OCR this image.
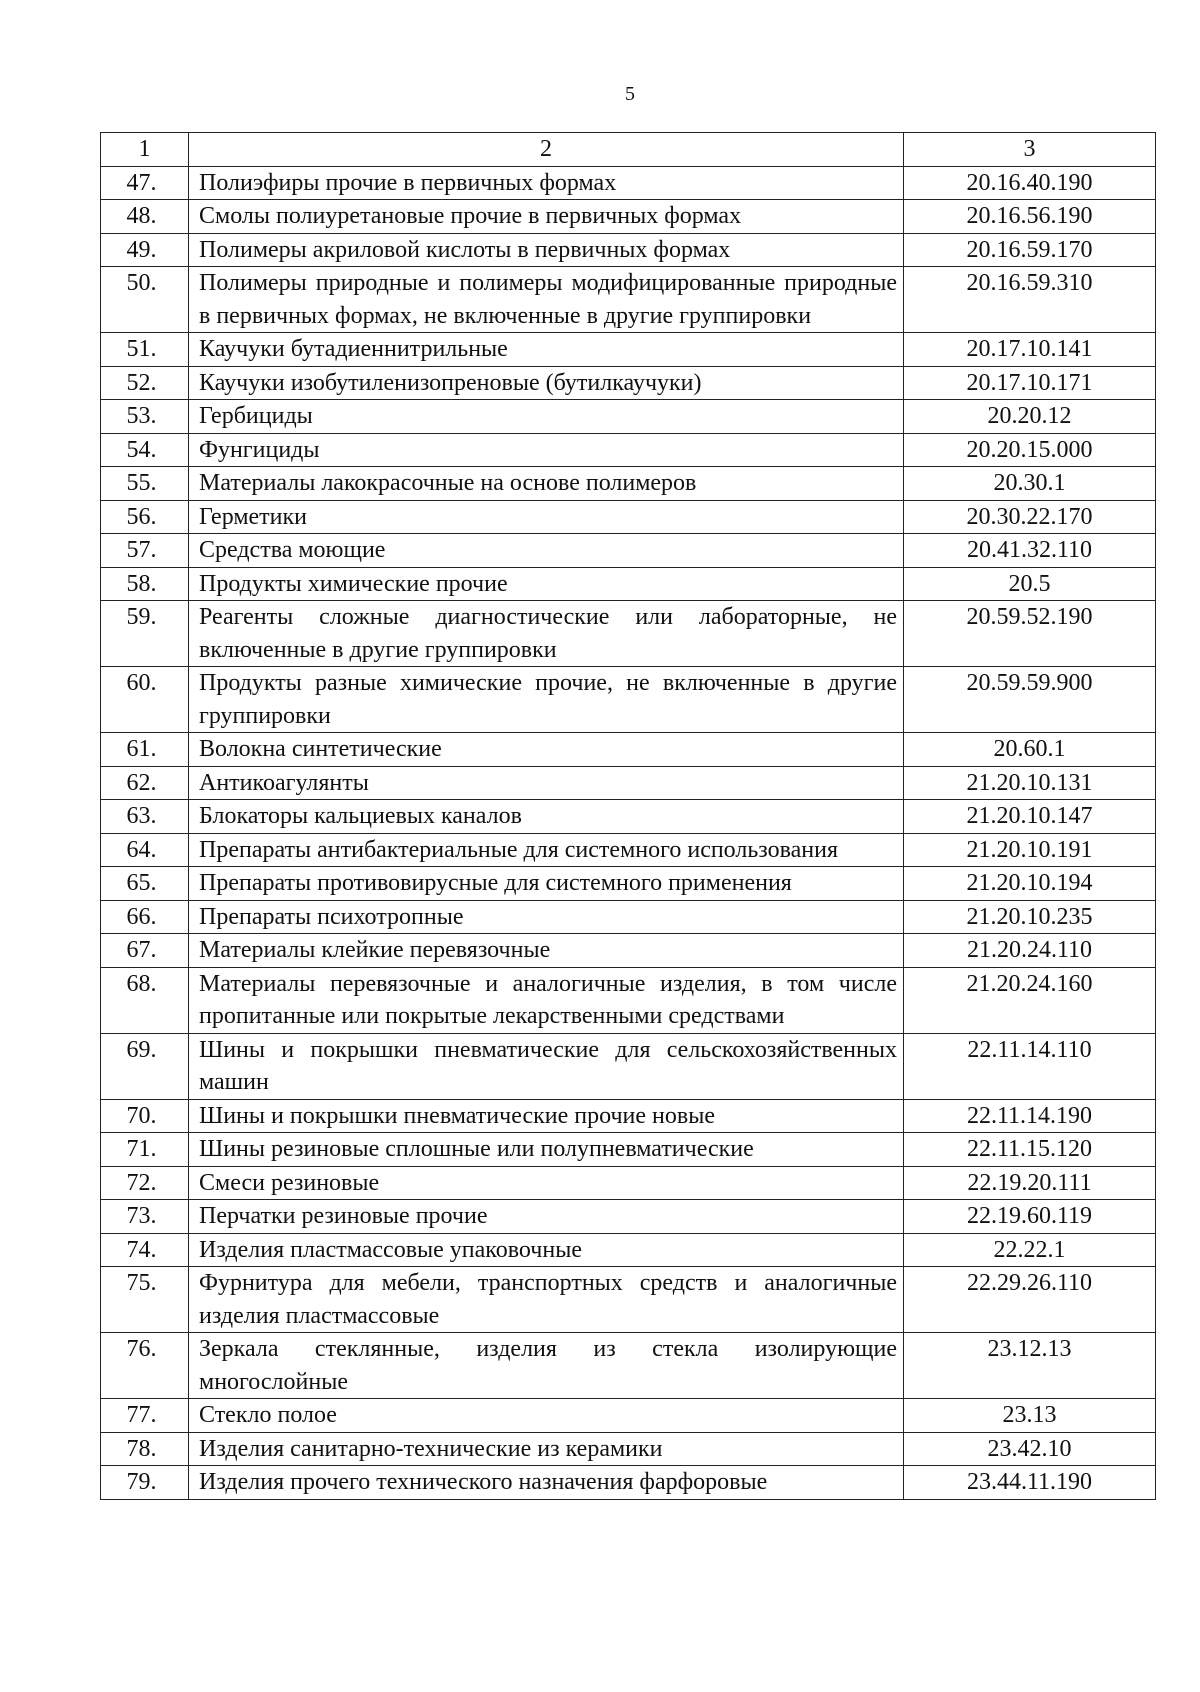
5
1	2	3
47.	Полиэфиры прочие в первичных формах	20.16.40.190
48.	Смолы полиуретановые прочие в первичных формах	20.16.56.190
49.	Полимеры акриловой кислоты в первичных формах	20.16.59.170
50.	Полимеры природные и полимеры модифицированные природные в первичных формах, не включенные в другие группировки	20.16.59.310
51.	Каучуки бутадиеннитрильные	20.17.10.141
52.	Каучуки изобутиленизопреновые (бутилкаучуки)	20.17.10.171
53.	Гербициды	20.20.12
54.	Фунгициды	20.20.15.000
55.	Материалы лакокрасочные на основе полимеров	20.30.1
56.	Герметики	20.30.22.170
57.	Средства моющие	20.41.32.110
58.	Продукты химические прочие	20.5
59.	Реагенты сложные диагностические или лабораторные, не включенные в другие группировки	20.59.52.190
60.	Продукты разные химические прочие, не включенные в другие группировки	20.59.59.900
61.	Волокна синтетические	20.60.1
62.	Антикоагулянты	21.20.10.131
63.	Блокаторы кальциевых каналов	21.20.10.147
64.	Препараты антибактериальные для системного использования	21.20.10.191
65.	Препараты противовирусные для системного применения	21.20.10.194
66.	Препараты психотропные	21.20.10.235
67.	Материалы клейкие перевязочные	21.20.24.110
68.	Материалы перевязочные и аналогичные изделия, в том числе пропитанные или покрытые лекарственными средствами	21.20.24.160
69.	Шины и покрышки пневматические для сельскохозяйственных машин	22.11.14.110
70.	Шины и покрышки пневматические прочие новые	22.11.14.190
71.	Шины резиновые сплошные или полупневматические	22.11.15.120
72.	Смеси резиновые	22.19.20.111
73.	Перчатки резиновые прочие	22.19.60.119
74.	Изделия пластмассовые упаковочные	22.22.1
75.	Фурнитура для мебели, транспортных средств и аналогичные изделия пластмассовые	22.29.26.110
76.	Зеркала стеклянные, изделия из стекла изолирующие многослойные	23.12.13
77.	Стекло полое	23.13
78.	Изделия санитарно-технические из керамики	23.42.10
79.	Изделия прочего технического назначения фарфоровые	23.44.11.190
